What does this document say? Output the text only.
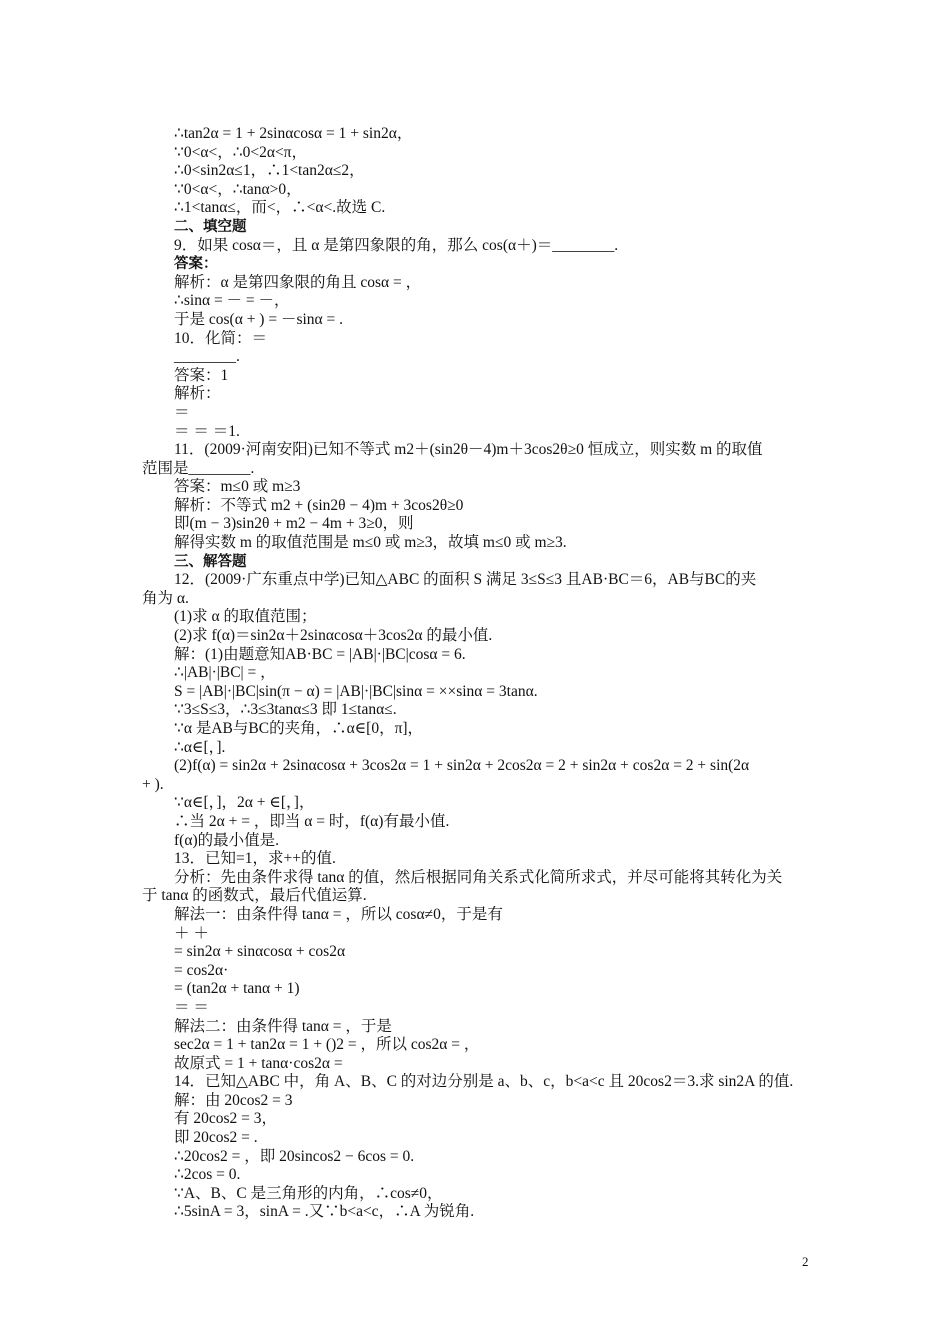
∴tan2α = 1 + 2sinαcosα = 1 + sin2α，
∵0<α<，∴0<2α<π，
∴0<sin2α≤1，∴1<tan2α≤2，
∵0<α<，∴tanα>0，
∴1<tanα≤，而<，∴<α<.故选 C.
二、填空题
9．如果 cosα＝，且 α 是第四象限的角，那么 cos(α＋)＝________.
答案：
解析：α 是第四象限的角且 cosα = ，
∴sinα = － = －，
于是 cos(α + ) = －sinα = .
10．化简：＝
________.
答案：1
解析：
＝
＝ ＝ ＝1.
11．(2009·河南安阳)已知不等式 m2＋(sin2θ－4)m＋3cos2θ≥0 恒成立，则实数 m 的取值
范围是________.
答案：m≤0 或 m≥3
解析：不等式 m2 + (sin2θ − 4)m + 3cos2θ≥0
即(m − 3)sin2θ + m2 − 4m + 3≥0，则
解得实数 m 的取值范围是 m≤0 或 m≥3，故填 m≤0 或 m≥3.
三、解答题
12．(2009·广东重点中学)已知△ABC 的面积 S 满足 3≤S≤3 且AB·BC＝6，AB与BC的夹
角为 α.
(1)求 α 的取值范围；
(2)求 f(α)＝sin2α＋2sinαcosα＋3cos2α 的最小值.
解：(1)由题意知AB·BC = |AB|·|BC|cosα = 6.
∴|AB|·|BC| = ，
S = |AB|·|BC|sin(π − α) = |AB|·|BC|sinα = ××sinα = 3tanα.
∵3≤S≤3，∴3≤3tanα≤3 即 1≤tanα≤.
∵α 是AB与BC的夹角，∴α∈[0，π]，
∴α∈[，].
(2)f(α) = sin2α + 2sinαcosα + 3cos2α = 1 + sin2α + 2cos2α = 2 + sin2α + cos2α = 2 + sin(2α
+ ).
∵α∈[，]，2α + ∈[，]，
∴当 2α + = ，即当 α = 时，f(α)有最小值.
f(α)的最小值是.
13．已知=1，求++的值.
分析：先由条件求得 tanα 的值，然后根据同角关系式化简所求式，并尽可能将其转化为关
于 tanα 的函数式，最后代值运算.
解法一：由条件得 tanα = ，所以 cosα≠0，于是有
＋ ＋
= sin2α + sinαcosα + cos2α
= cos2α·
= (tan2α + tanα + 1)
＝ ＝
解法二：由条件得 tanα = ，于是
sec2α = 1 + tan2α = 1 + ()2 = ，所以 cos2α = ，
故原式 = 1 + tanα·cos2α =
14．已知△ABC 中，角 A、B、C 的对边分别是 a、b、c，b<a<c 且 20cos2＝3.求 sin2A 的值.
解：由 20cos2 = 3
有 20cos2 = 3，
即 20cos2 = .
∴20cos2 = ，即 20sincos2 − 6cos = 0.
∴2cos = 0.
∵A、B、C 是三角形的内角，∴cos≠0，
∴5sinA = 3，sinA = .又∵b<a<c，∴A 为锐角.
2
